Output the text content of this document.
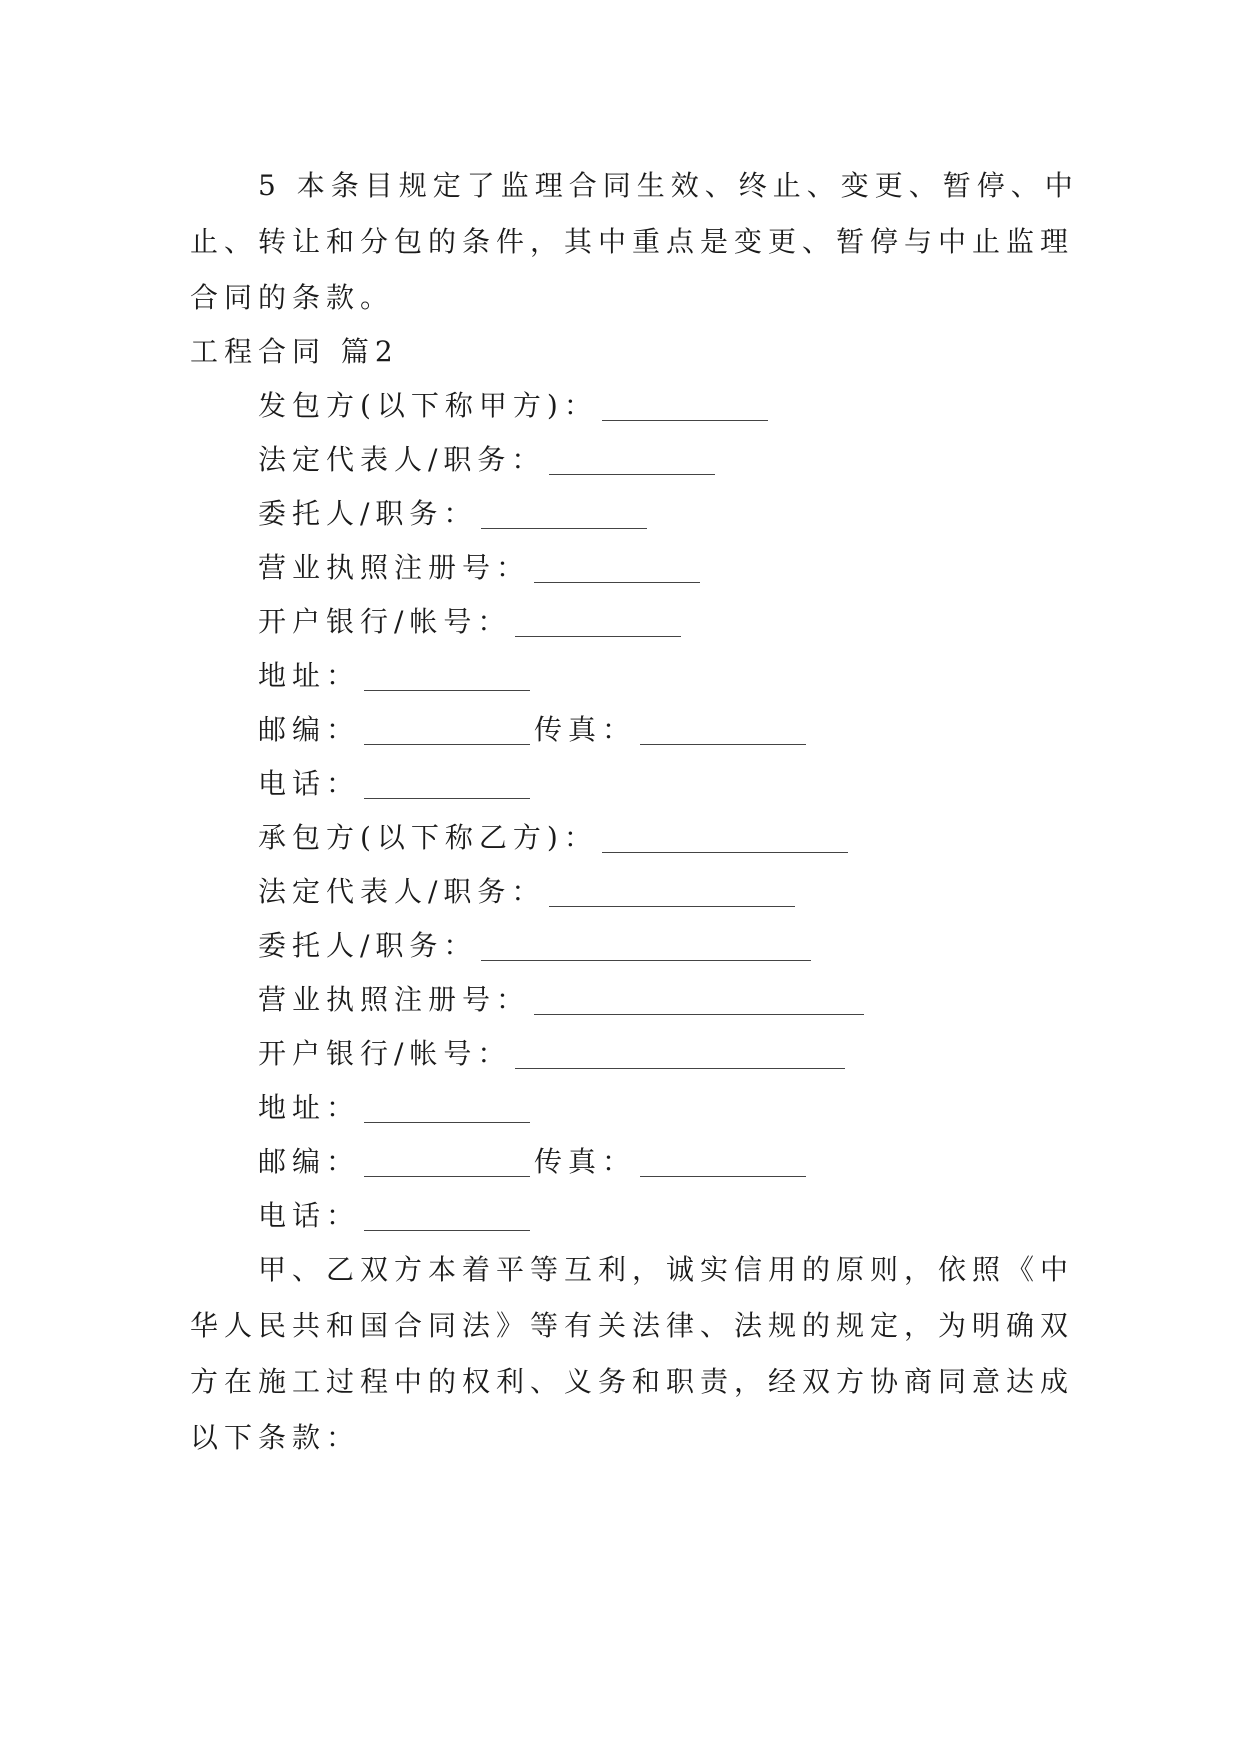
5 本条目规定了监理合同生效、终止、变更、暂停、中
止、转让和分包的条件，其中重点是变更、暂停与中止监理
合同的条款。
工程合同 篇2
发包方(以下称甲方)：
法定代表人/职务：
委托人/职务：
营业执照注册号：
开户银行/帐号：
地址：
邮编：	传真：
电话：
承包方(以下称乙方)：
法定代表人/职务：
委托人/职务：
营业执照注册号：
开户银行/帐号：
地址：
邮编：	传真：
电话：
甲、乙双方本着平等互利，诚实信用的原则，依照《中
华人民共和国合同法》等有关法律、法规的规定，为明确双
方在施工过程中的权利、义务和职责，经双方协商同意达成
以下条款：
